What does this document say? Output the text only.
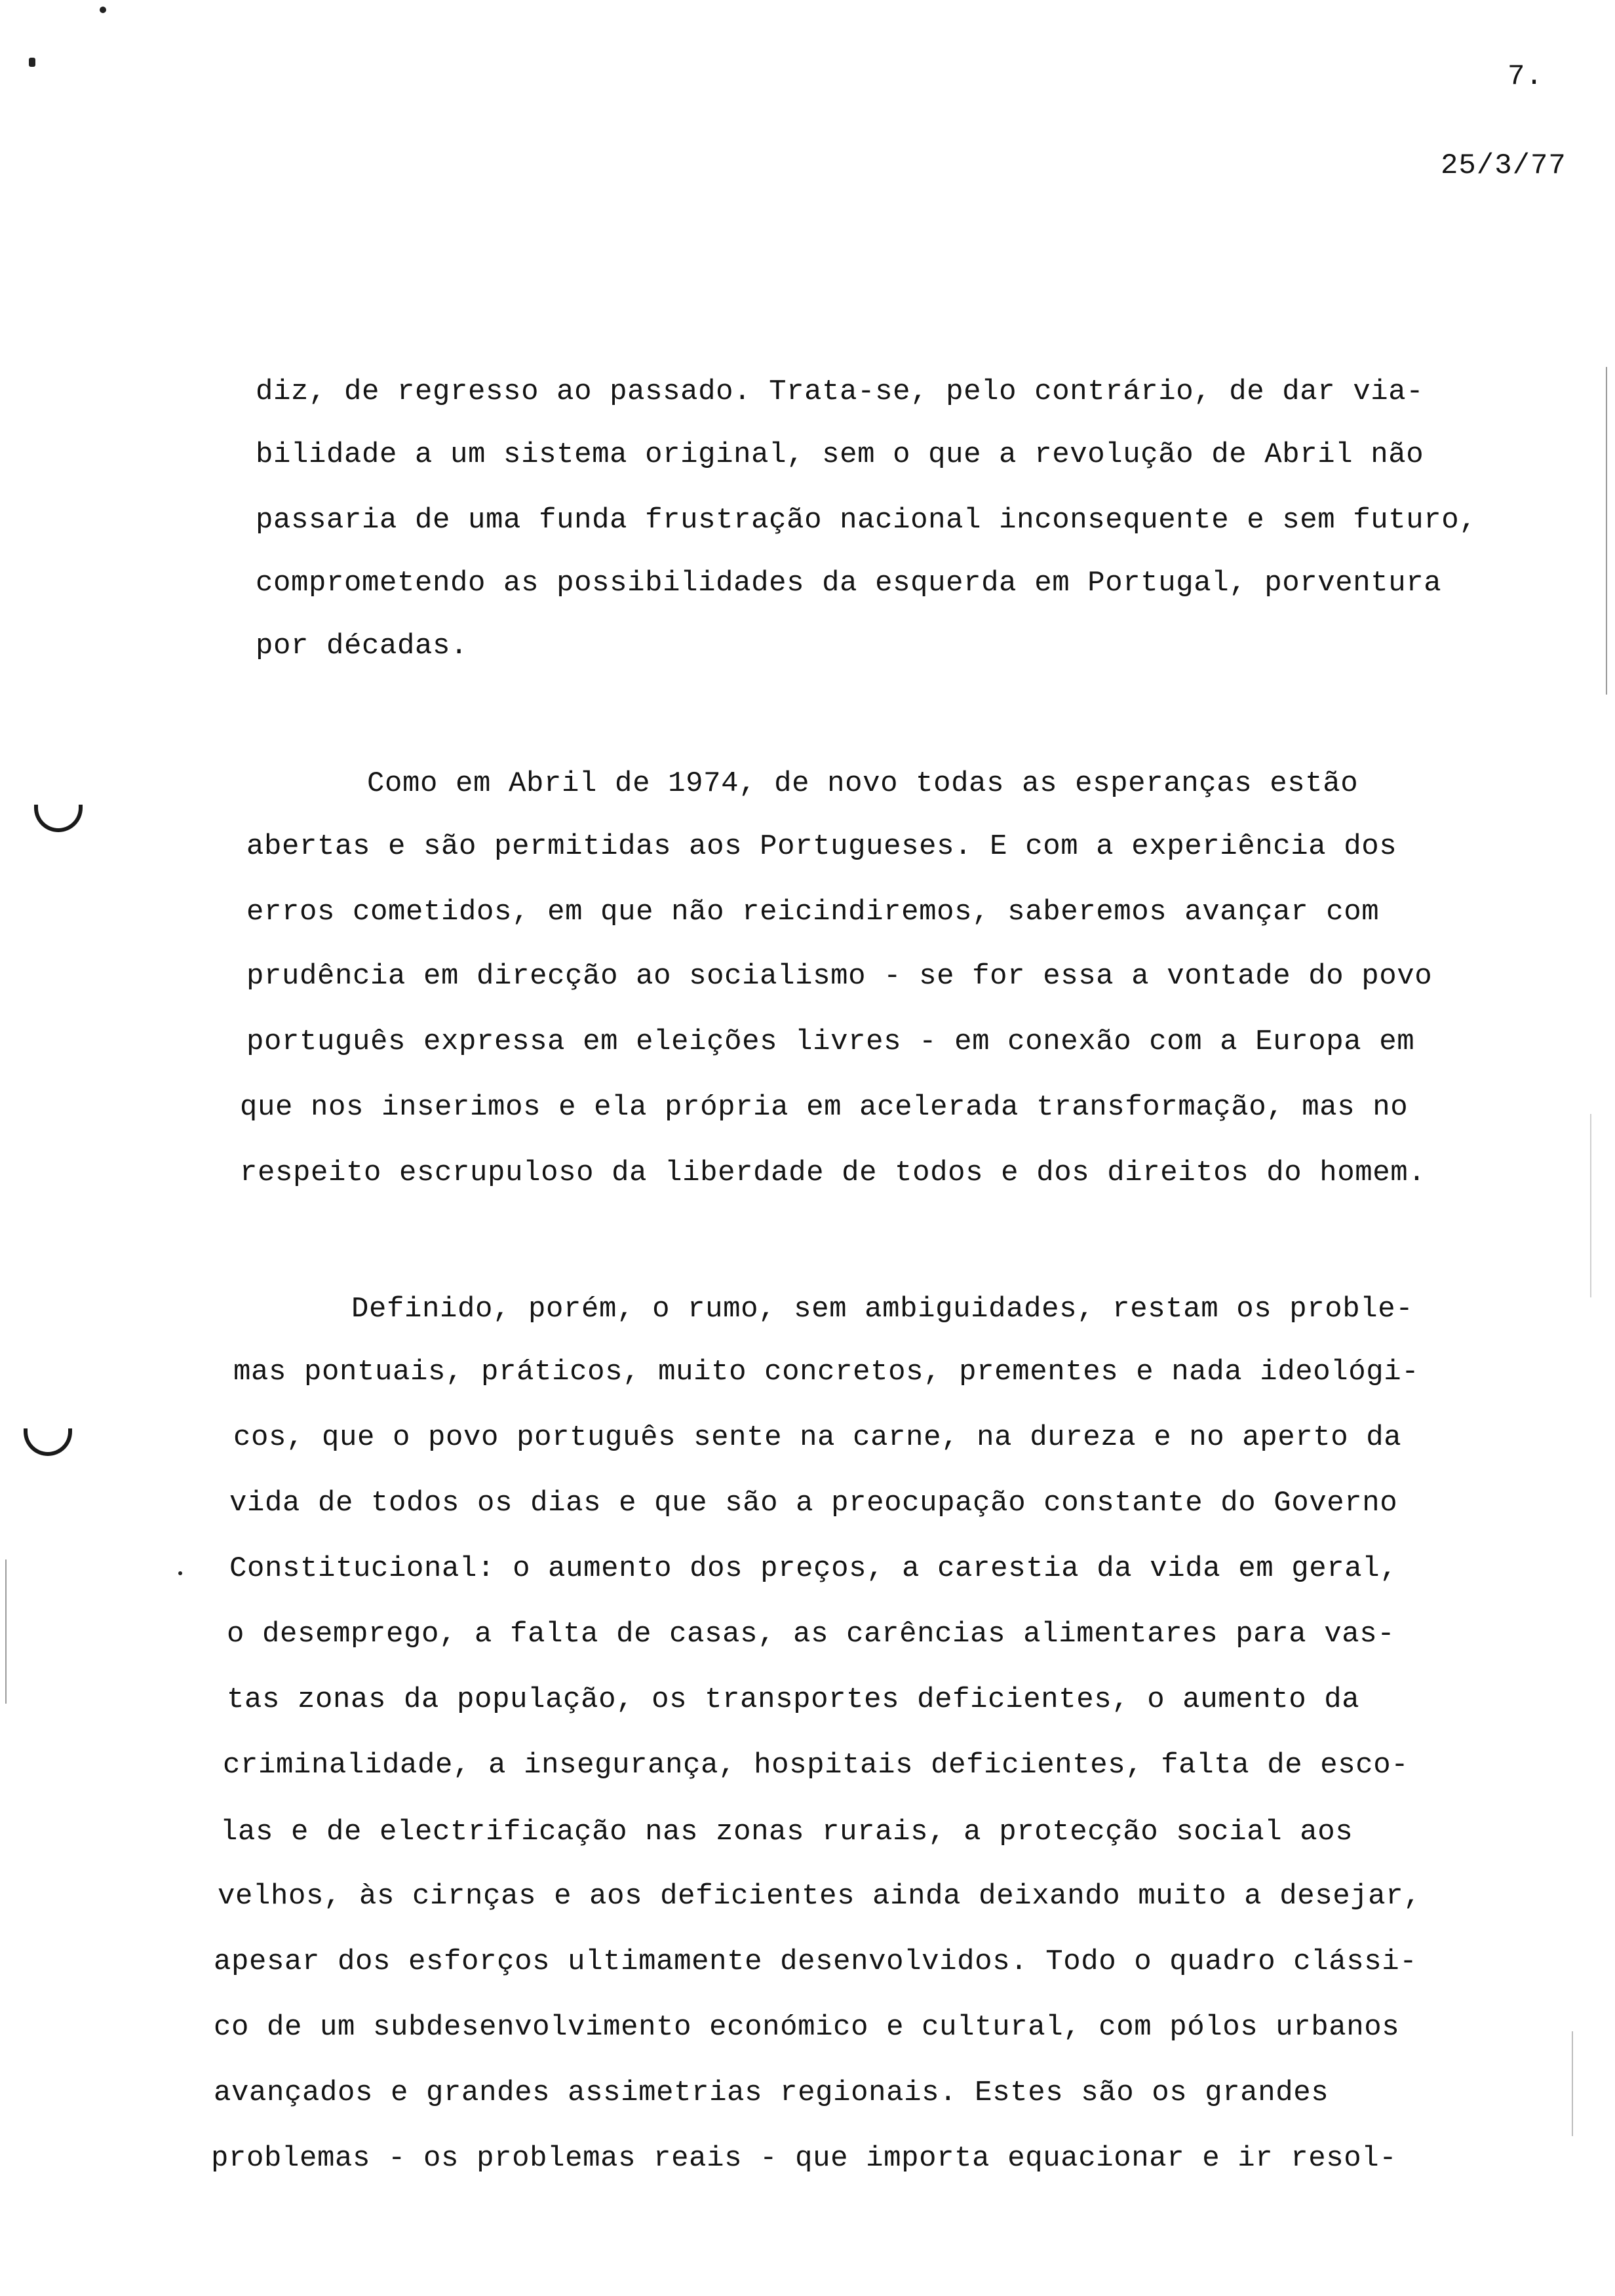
7.
25/3/77
diz, de regresso ao passado. Trata-se, pelo contrário, de dar via-
bilidade a um sistema original, sem o que a revolução de Abril não
passaria de uma funda frustração nacional inconsequente e sem futuro,
comprometendo as possibilidades da esquerda em Portugal, porventura
por décadas.
Como em Abril de 1974, de novo todas as esperanças estão
abertas e são permitidas aos Portugueses. E com a experiência dos
erros cometidos, em que não reicindiremos, saberemos avançar com
prudência em direcção ao socialismo - se for essa a vontade do povo
português expressa em eleições livres - em conexão com a Europa em
que nos inserimos e ela própria em acelerada transformação, mas no
respeito escrupuloso da liberdade de todos e dos direitos do homem.
Definido, porém, o rumo, sem ambiguidades, restam os proble-
mas pontuais, práticos, muito concretos, prementes e nada ideológi-
cos, que o povo português sente na carne, na dureza e no aperto da
vida de todos os dias e que são a preocupação constante do Governo
Constitucional: o aumento dos preços, a carestia da vida em geral,
o desemprego, a falta de casas, as carências alimentares para vas-
tas zonas da população, os transportes deficientes, o aumento da
criminalidade, a insegurança, hospitais deficientes, falta de esco-
las e de electrificação nas zonas rurais, a protecção social aos
velhos, às cirnças e aos deficientes ainda deixando muito a desejar,
apesar dos esforços ultimamente desenvolvidos. Todo o quadro clássi-
co de um subdesenvolvimento económico e cultural, com pólos urbanos
avançados e grandes assimetrias regionais. Estes são os grandes
problemas - os problemas reais - que importa equacionar e ir resol-
